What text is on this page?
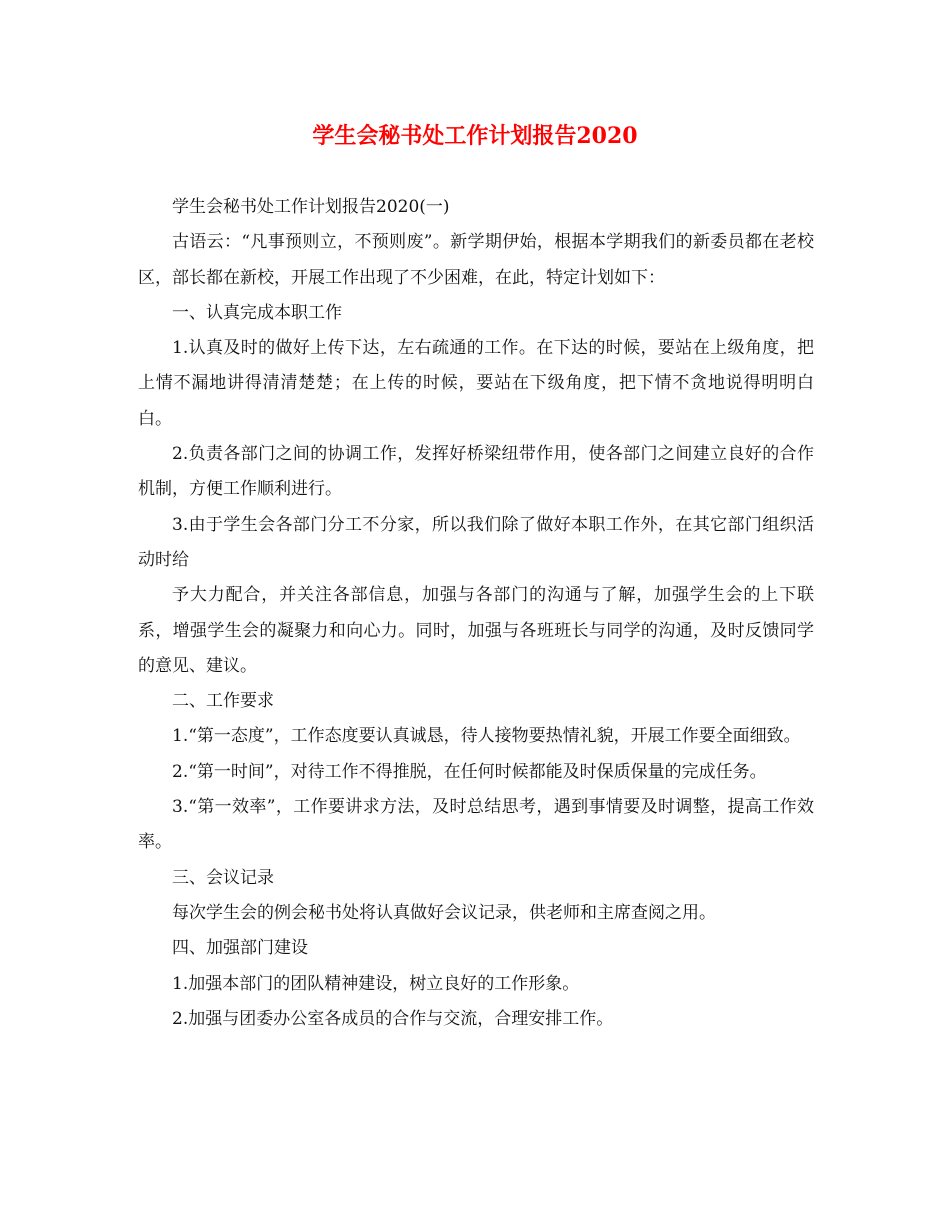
学生会秘书处工作计划报告2020

学生会秘书处工作计划报告2020(一)

古语云：“凡事预则立，不预则废”。新学期伊始，根据本学期我们的新委员都在老校区，部长都在新校，开展工作出现了不少困难，在此，特定计划如下：

一、认真完成本职工作

1.认真及时的做好上传下达，左右疏通的工作。在下达的时候，要站在上级角度，把上情不漏地讲得清清楚楚；在上传的时候，要站在下级角度，把下情不贪地说得明明白白。

2.负责各部门之间的协调工作，发挥好桥梁纽带作用，使各部门之间建立良好的合作机制，方便工作顺利进行。

3.由于学生会各部门分工不分家，所以我们除了做好本职工作外，在其它部门组织活动时给

予大力配合，并关注各部信息，加强与各部门的沟通与了解，加强学生会的上下联系，增强学生会的凝聚力和向心力。同时，加强与各班班长与同学的沟通，及时反馈同学的意见、建议。

二、工作要求

1.“第一态度”，工作态度要认真诚恳，待人接物要热情礼貌，开展工作要全面细致。

2.“第一时间”，对待工作不得推脱，在任何时候都能及时保质保量的完成任务。

3.“第一效率”，工作要讲求方法，及时总结思考，遇到事情要及时调整，提高工作效率。

三、会议记录

每次学生会的例会秘书处将认真做好会议记录，供老师和主席查阅之用。

四、加强部门建设

1.加强本部门的团队精神建设，树立良好的工作形象。

2.加强与团委办公室各成员的合作与交流，合理安排工作。
